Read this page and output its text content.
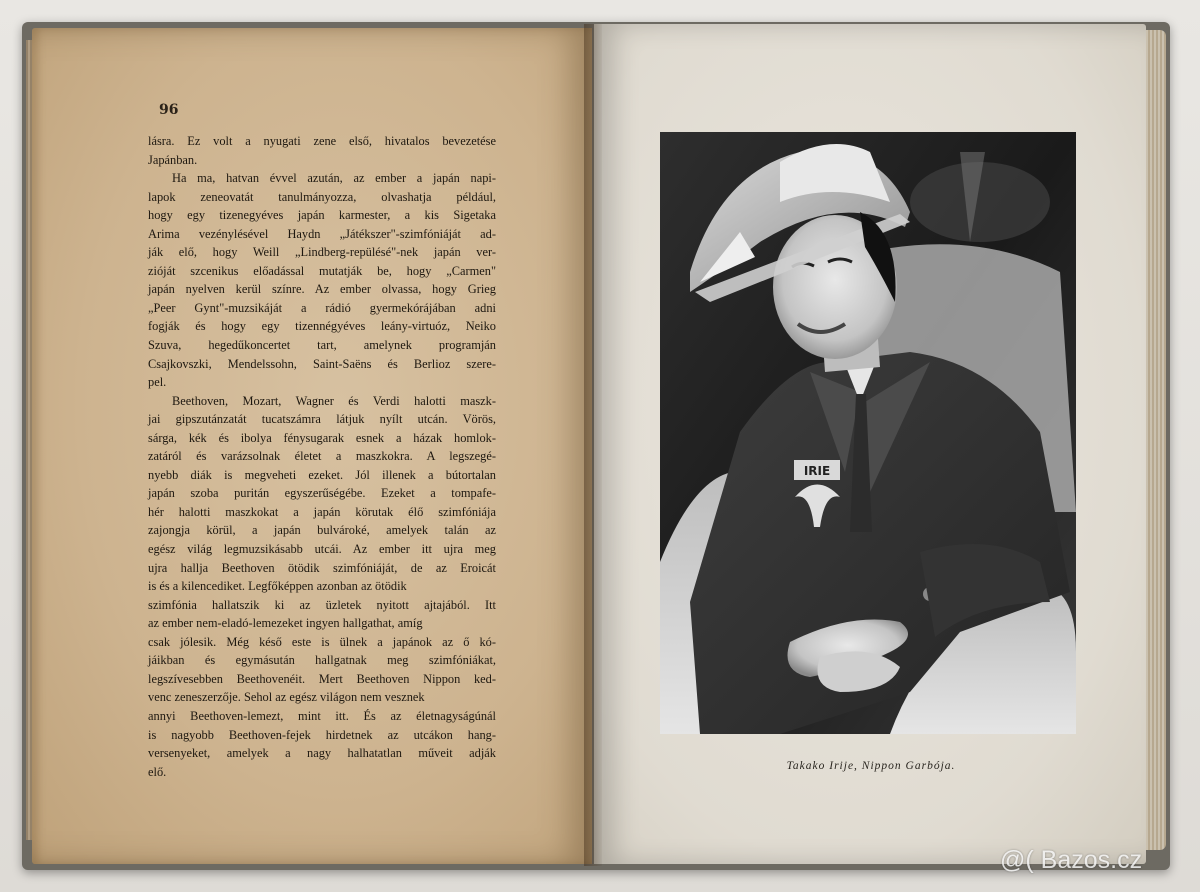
96
lásra. Ez volt a nyugati zene első, hivatalos bevezetése
Japánban.
Ha ma, hatvan évvel azután, az ember a japán napi-
lapok zeneovatát tanulmányozza, olvashatja például,
hogy egy tizenegyéves japán karmester, a kis Sigetaka
Arima vezénylésével Haydn „Játékszer"-szimfóniáját ad-
ják elő, hogy Weill „Lindberg-repülésé"-nek japán ver-
zióját szcenikus előadással mutatják be, hogy „Carmen"
japán nyelven kerül színre. Az ember olvassa, hogy Grieg
„Peer Gynt"-muzsikáját a rádió gyermekórájában adni
fogják és hogy egy tizennégyéves leány-virtuóz, Neiko
Szuva, hegedűkoncertet tart, amelynek programján
Csajkovszki, Mendelssohn, Saint-Saëns és Berlioz szere-
pel.
Beethoven, Mozart, Wagner és Verdi halotti maszk-
jai gipszutánzatát tucatszámra látjuk nyílt utcán. Vörös,
sárga, kék és ibolya fénysugarak esnek a házak homlok-
zatáról és varázsolnak életet a maszkokra. A legszegé-
nyebb diák is megveheti ezeket. Jól illenek a bútortalan
japán szoba puritán egyszerűségébe. Ezeket a tompafe-
hér halotti maszkokat a japán körutak élő szimfóniája
zajongja körül, a japán bulvároké, amelyek talán az
egész világ legmuzsikásabb utcái. Az ember itt ujra meg
ujra hallja Beethoven ötödik szimfóniáját, de az Eroicát
is és a kilencediket. Legfőképpen azonban az ötödik
szimfónia hallatszik ki az üzletek nyitott ajtajából. Itt
az ember nem-eladó-lemezeket ingyen hallgathat, amíg
csak jólesik. Még késő este is ülnek a japánok az ő kó-
jáikban és egymásután hallgatnak meg szimfóniákat,
legszívesebben Beethovenéit. Mert Beethoven Nippon ked-
venc zeneszerzője. Sehol az egész világon nem vesznek
annyi Beethoven-lemezt, mint itt. És az életnagyságúnál
is nagyobb Beethoven-fejek hirdetnek az utcákon hang-
versenyeket, amelyek a nagy halhatatlan műveit adják
elő.
IRIE
Takako Irije, Nippon Garbója.
@( Bazos.cz
